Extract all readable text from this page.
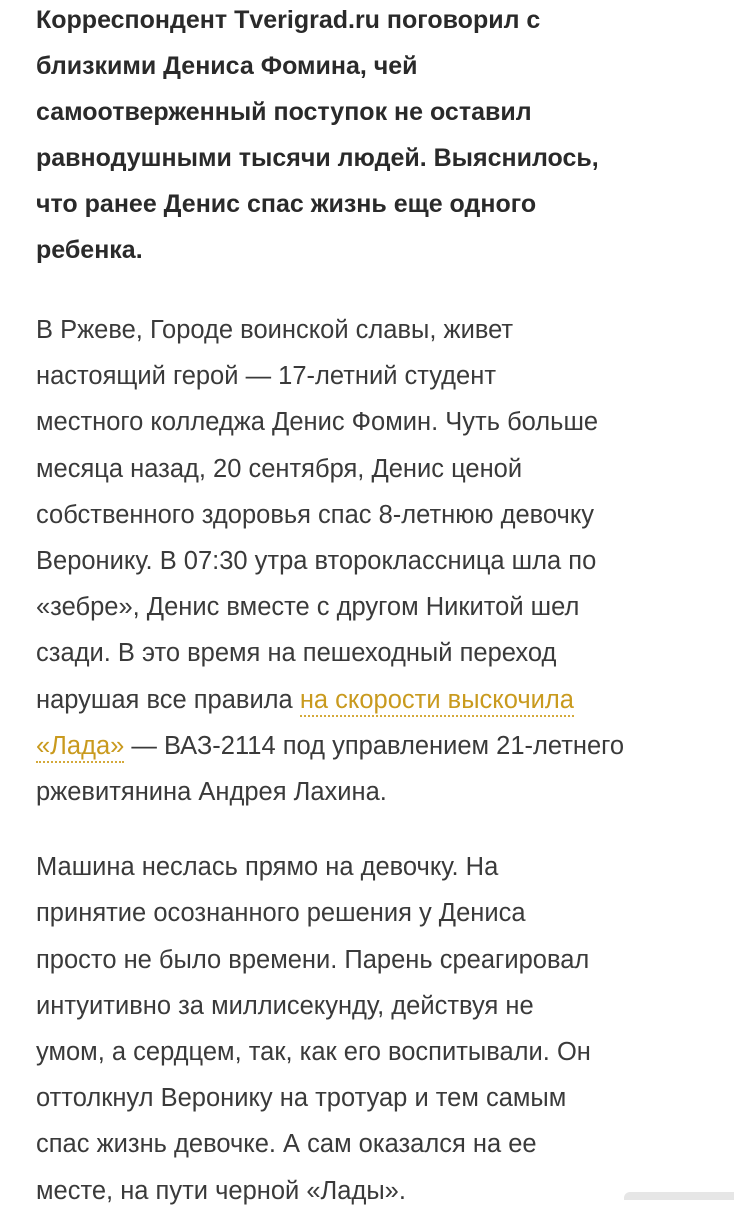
Корреспондент Tverigrad.ru поговорил с
близкими Дениса Фомина, чей
самоотверженный поступок не оставил
равнодушными тысячи людей. Выяснилось,
что ранее Денис спас жизнь еще одного
ребенка.

В Ржеве, Городе воинской славы, живет
настоящий герой — 17-летний студент
местного колледжа Денис Фомин. Чуть больше
месяца назад, 20 сентября, Денис ценой
собственного здоровья спас 8-летнюю девочку
Веронику. В 07:30 утра второклассница шла по
«зебре», Денис вместе с другом Никитой шел
сзади. В это время на пешеходный переход
нарушая все правила на скорости выскочила
«Лада» — ВАЗ-2114 под управлением 21-летнего
ржевитянина Андрея Лахина.

Машина неслась прямо на девочку. На
принятие осознанного решения у Дениса
просто не было времени. Парень среагировал
интуитивно за миллисекунду, действуя не
умом, а сердцем, так, как его воспитывали. Он
оттолкнул Веронику на тротуар и тем самым
спас жизнь девочке. А сам оказался на ее
месте, на пути черной «Лады».
